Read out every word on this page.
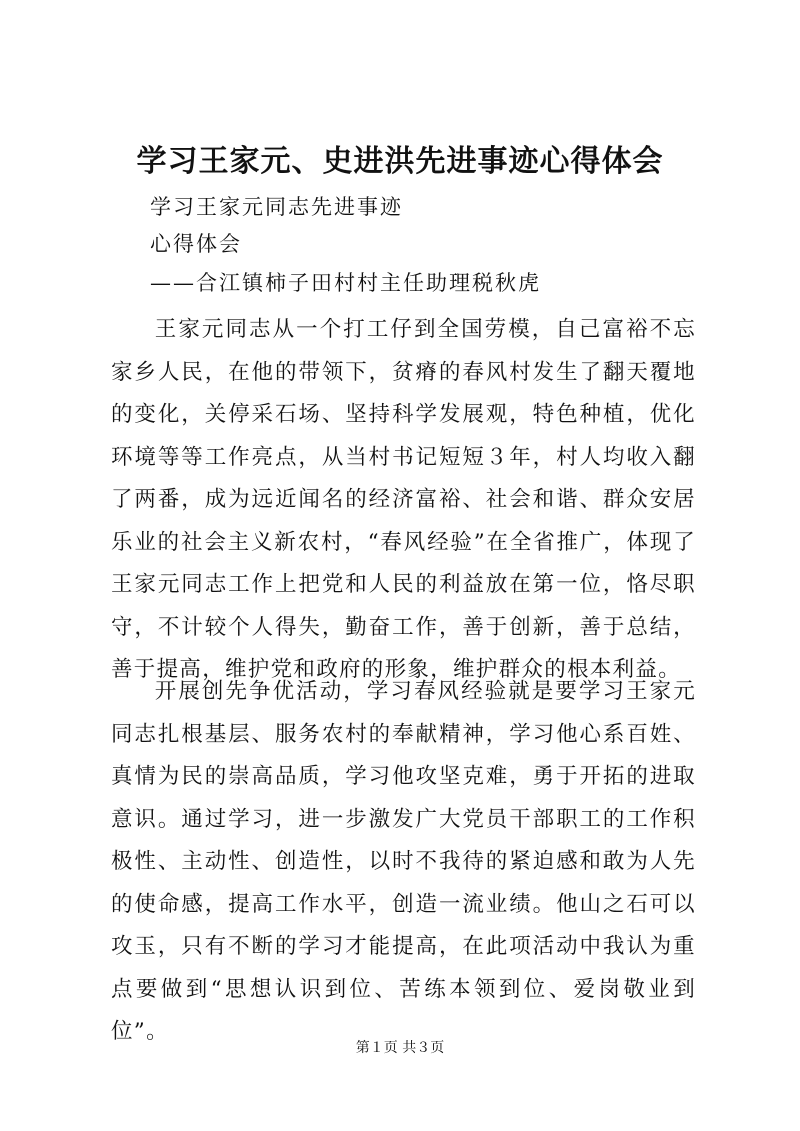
学习王家元、史进洪先进事迹心得体会

学习王家元同志先进事迹

心得体会

——合江镇柿子田村村主任助理税秋虎

王家元同志从一个打工仔到全国劳模，自己富裕不忘家乡人民，在他的带领下，贫瘠的春风村发生了翻天覆地的变化，关停采石场、坚持科学发展观，特色种植，优化环境等等工作亮点，从当村书记短短３年，村人均收入翻了两番，成为远近闻名的经济富裕、社会和谐、群众安居乐业的社会主义新农村，“春风经验”在全省推广，体现了王家元同志工作上把党和人民的利益放在第一位，恪尽职守，不计较个人得失，勤奋工作，善于创新，善于总结，善于提高，维护党和政府的形象，维护群众的根本利益。

开展创先争优活动，学习春风经验就是要学习王家元同志扎根基层、服务农村的奉献精神，学习他心系百姓、真情为民的崇高品质，学习他攻坚克难，勇于开拓的进取意识。通过学习，进一步激发广大党员干部职工的工作积极性、主动性、创造性，以时不我待的紧迫感和敢为人先的使命感，提高工作水平，创造一流业绩。他山之石可以攻玉，只有不断的学习才能提高，在此项活动中我认为重点要做到“思想认识到位、苦练本领到位、爱岗敬业到位”。

第１页 共３页
